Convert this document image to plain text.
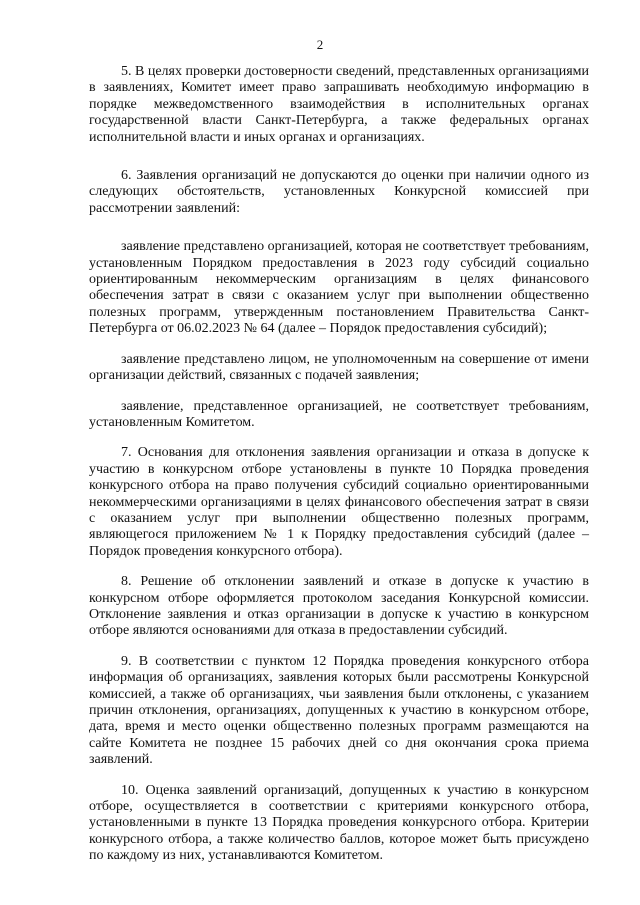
2

5. В целях проверки достоверности сведений, представленных организациями в заявлениях, Комитет имеет право запрашивать необходимую информацию в порядке межведомственного взаимодействия в исполнительных органах государственной власти Санкт-Петербурга, а также федеральных органах исполнительной власти и иных органах и организациях.

6. Заявления организаций не допускаются до оценки при наличии одного из следующих обстоятельств, установленных Конкурсной комиссией при рассмотрении заявлений:

заявление представлено организацией, которая не соответствует требованиям, установленным Порядком предоставления в 2023 году субсидий социально ориентированным некоммерческим организациям в целях финансового обеспечения затрат в связи с оказанием услуг при выполнении общественно полезных программ, утвержденным постановлением Правительства Санкт-Петербурга от 06.02.2023 № 64 (далее – Порядок предоставления субсидий);

заявление представлено лицом, не уполномоченным на совершение от имени организации действий, связанных с подачей заявления;

заявление, представленное организацией, не соответствует требованиям, установленным Комитетом.

7. Основания для отклонения заявления организации и отказа в допуске к участию в конкурсном отборе установлены в пункте 10 Порядка проведения конкурсного отбора на право получения субсидий социально ориентированными некоммерческими организациями в целях финансового обеспечения затрат в связи с оказанием услуг при выполнении общественно полезных программ, являющегося приложением № 1 к Порядку предоставления субсидий (далее – Порядок проведения конкурсного отбора).

8. Решение об отклонении заявлений и отказе в допуске к участию в конкурсном отборе оформляется протоколом заседания Конкурсной комиссии. Отклонение заявления и отказ организации в допуске к участию в конкурсном отборе являются основаниями для отказа в предоставлении субсидий.

9. В соответствии с пунктом 12 Порядка проведения конкурсного отбора информация об организациях, заявления которых были рассмотрены Конкурсной комиссией, а также об организациях, чьи заявления были отклонены, с указанием причин отклонения, организациях, допущенных к участию в конкурсном отборе, дата, время и место оценки общественно полезных программ размещаются на сайте Комитета не позднее 15 рабочих дней со дня окончания срока приема заявлений.

10. Оценка заявлений организаций, допущенных к участию в конкурсном отборе, осуществляется в соответствии с критериями конкурсного отбора, установленными в пункте 13 Порядка проведения конкурсного отбора. Критерии конкурсного отбора, а также количество баллов, которое может быть присуждено по каждому из них, устанавливаются Комитетом.
